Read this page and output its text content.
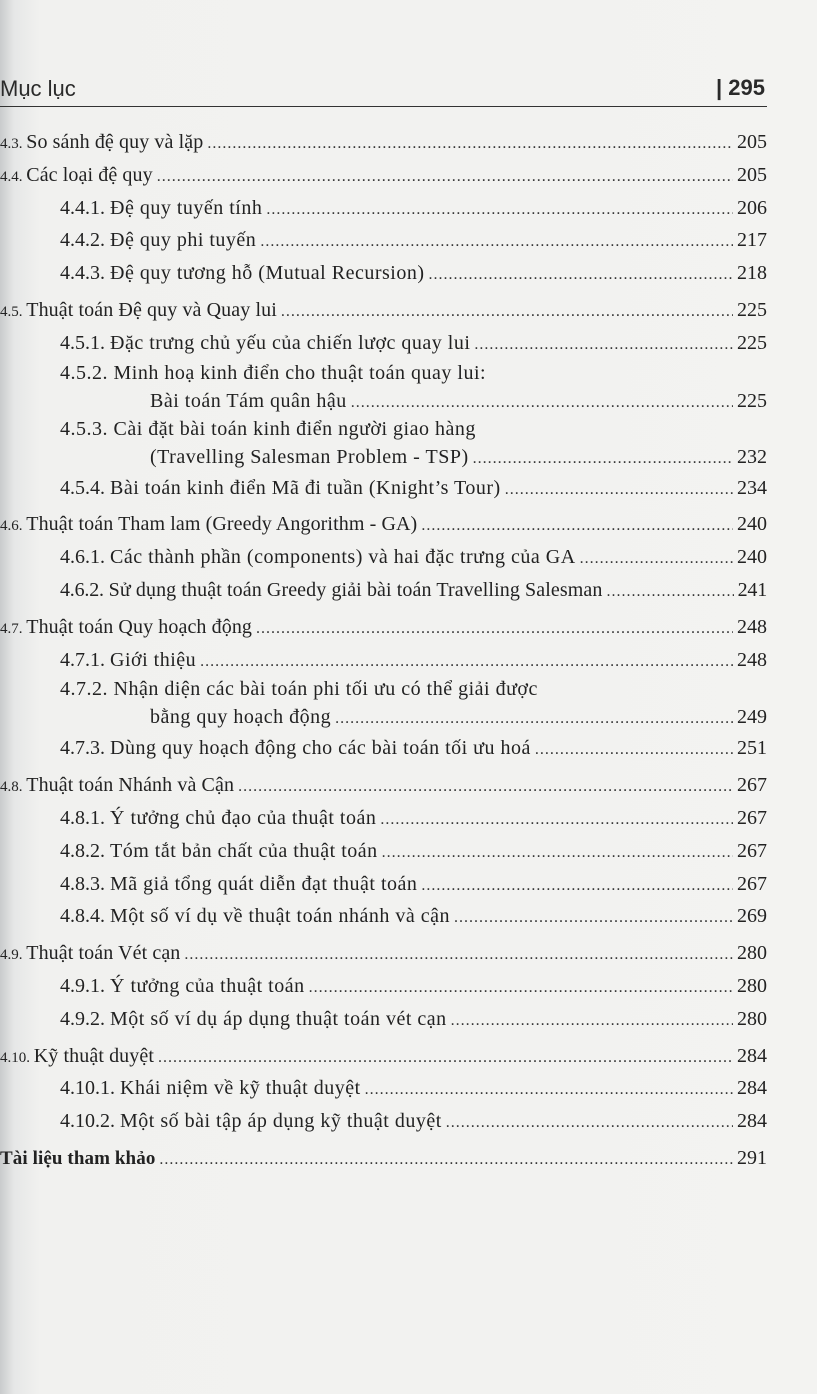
Mục lục	| 295
4.3. So sánh đệ quy và lặp .....	205
4.4. Các loại đệ quy .....	205
4.4.1. Đệ quy tuyến tính .....	206
4.4.2. Đệ quy phi tuyến .....	217
4.4.3. Đệ quy tương hỗ (Mutual Recursion) .....	218
4.5. Thuật toán Đệ quy và Quay lui .....	225
4.5.1. Đặc trưng chủ yếu của chiến lược quay lui .....	225
4.5.2. Minh hoạ kinh điển cho thuật toán quay lui:
Bài toán Tám quân hậu .....	225
4.5.3. Cài đặt bài toán kinh điển người giao hàng
(Travelling Salesman Problem - TSP) .....	232
4.5.4. Bài toán kinh điển Mã đi tuần (Knight’s Tour) .....	234
4.6. Thuật toán Tham lam (Greedy Angorithm - GA) .....	240
4.6.1. Các thành phần (components) và hai đặc trưng của GA .....	240
4.6.2. Sử dụng thuật toán Greedy giải bài toán Travelling Salesman .....	241
4.7. Thuật toán Quy hoạch động .....	248
4.7.1. Giới thiệu .....	248
4.7.2. Nhận diện các bài toán phi tối ưu có thể giải được
bằng quy hoạch động .....	249
4.7.3. Dùng quy hoạch động cho các bài toán tối ưu hoá .....	251
4.8. Thuật toán Nhánh và Cận .....	267
4.8.1. Ý tưởng chủ đạo của thuật toán .....	267
4.8.2. Tóm tắt bản chất của thuật toán .....	267
4.8.3. Mã giả tổng quát diễn đạt thuật toán .....	267
4.8.4. Một số ví dụ về thuật toán nhánh và cận .....	269
4.9. Thuật toán Vét cạn .....	280
4.9.1. Ý tưởng của thuật toán .....	280
4.9.2. Một số ví dụ áp dụng thuật toán vét cạn .....	280
4.10. Kỹ thuật duyệt .....	284
4.10.1. Khái niệm về kỹ thuật duyệt .....	284
4.10.2. Một số bài tập áp dụng kỹ thuật duyệt .....	284
Tài liệu tham khảo .....	291
